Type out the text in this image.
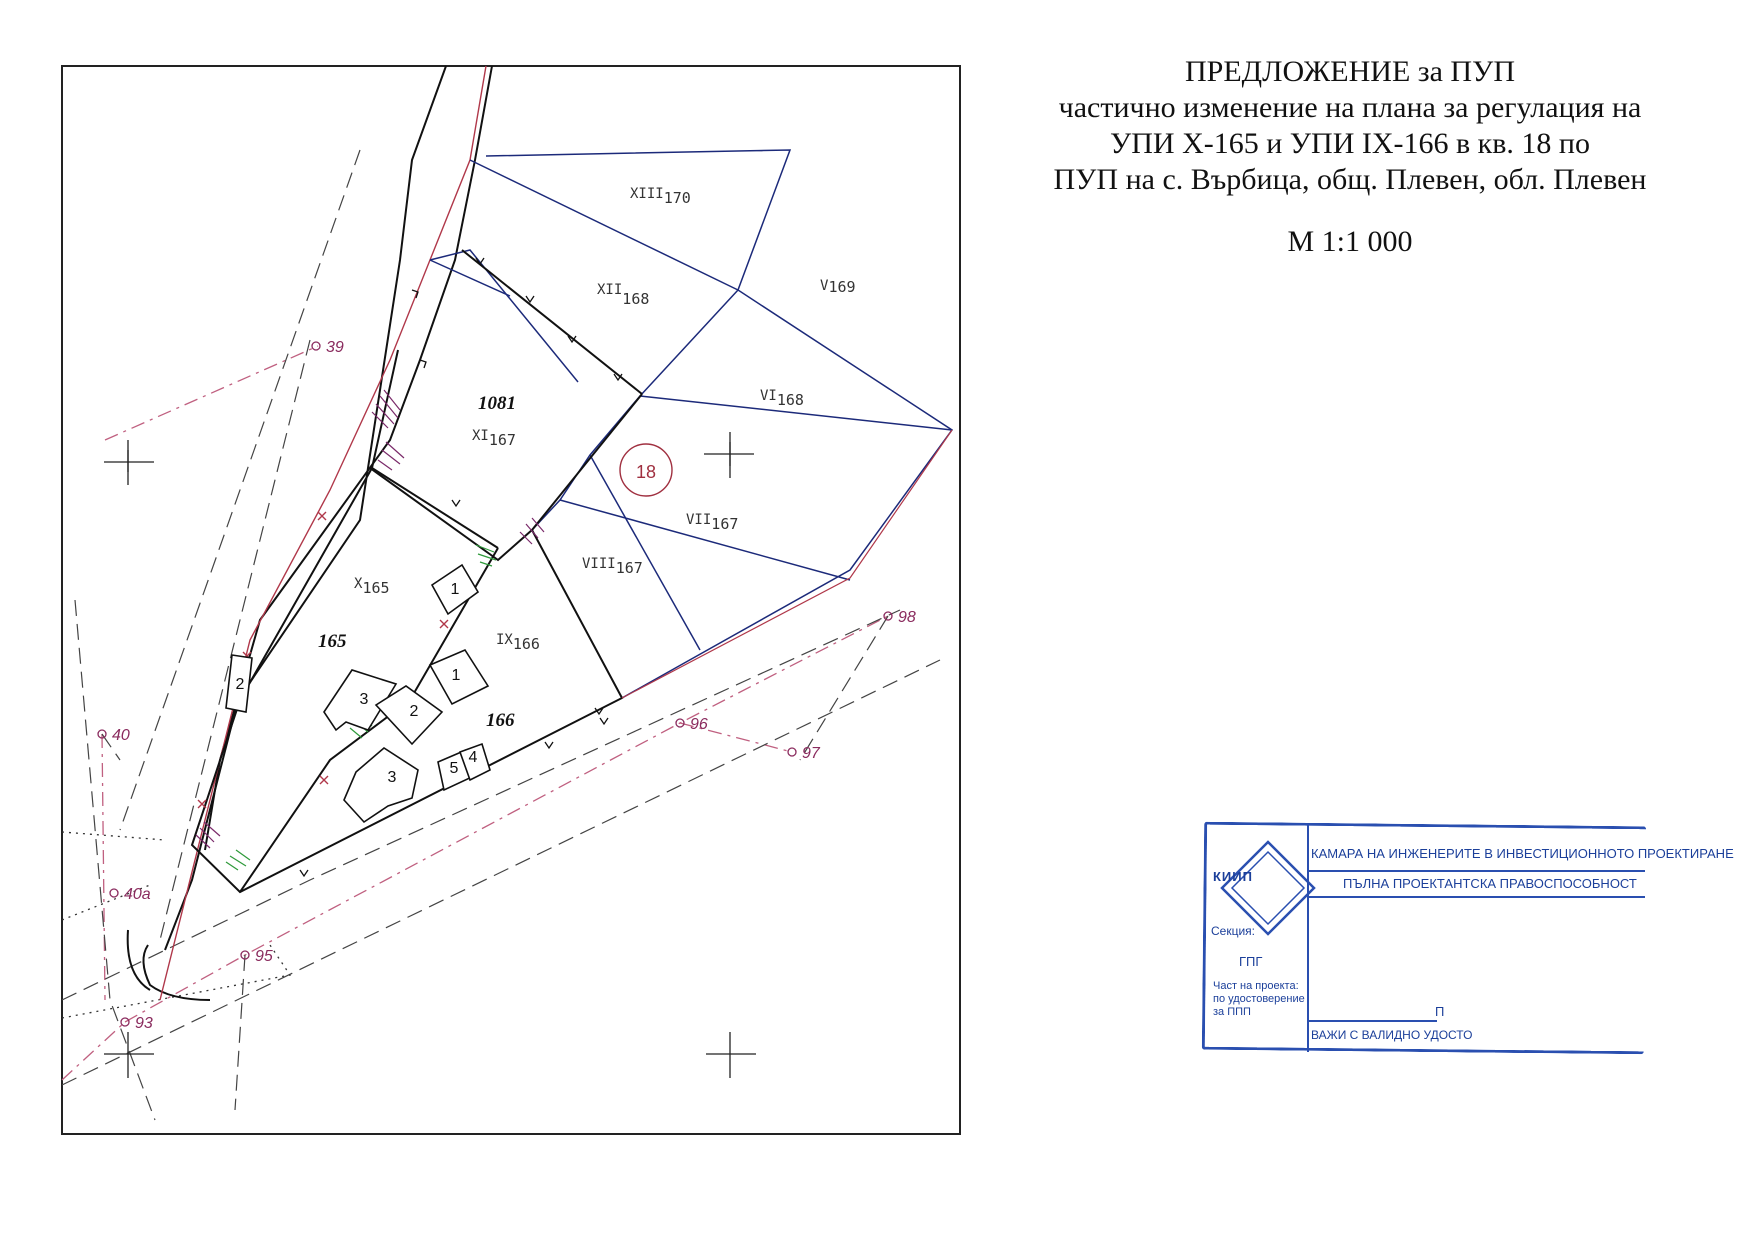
1
2
1
3
2
3
5
4
XIII170
XII168
V169
VI168
XI167
VII167
VIII167
X165
IX166
1081
165
166
18
39
40
40а
93
95
96
97
98
ПРЕДЛОЖЕНИЕ за ПУП
частично изменение на плана за регулация на
УПИ Х-165 и УПИ IX-166 в кв. 18 по
ПУП на с. Върбица, общ. Плевен, обл. Плевен
М 1:1 000
КИИП
КАМАРА НА ИНЖЕНЕРИТЕ В ИНВЕСТИЦИОННОТО ПРОЕКТИРАНЕ
ПЪЛНА ПРОЕКТАНТСКА ПРАВОСПОСОБНОСТ
Секция:
ГПГ
Част на проекта: по удостоверение за ППП	П
ВАЖИ С ВАЛИДНО УДОСТО
